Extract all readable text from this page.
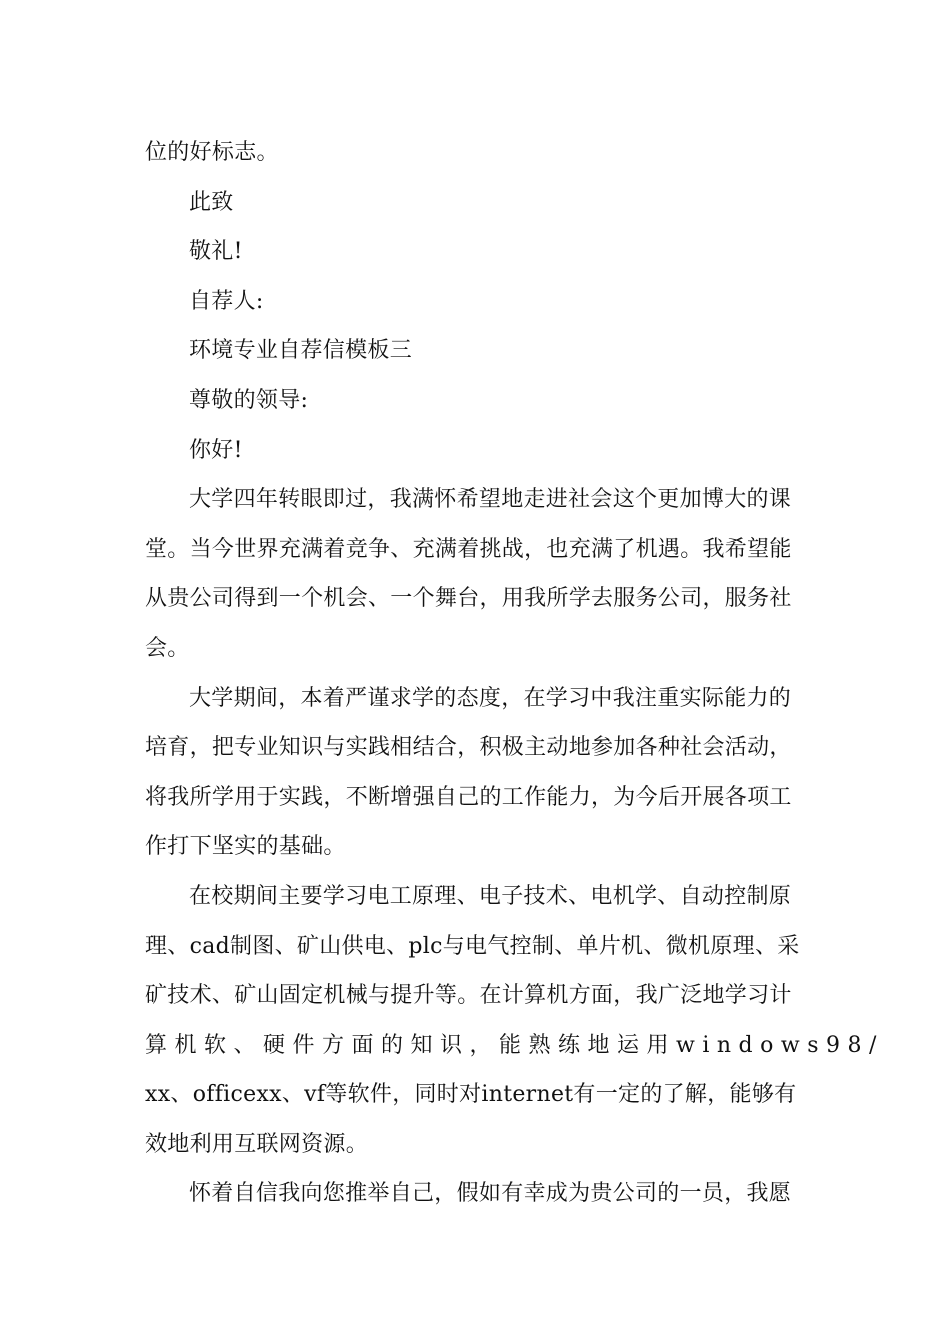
位的好标志。

此致

敬礼!

自荐人:

环境专业自荐信模板三

尊敬的领导:

你好!

大学四年转眼即过，我满怀希望地走进社会这个更加博大的课
堂。当今世界充满着竞争、充满着挑战，也充满了机遇。我希望能
从贵公司得到一个机会、一个舞台，用我所学去服务公司，服务社
会。

大学期间，本着严谨求学的态度，在学习中我注重实际能力的
培育，把专业知识与实践相结合，积极主动地参加各种社会活动，
将我所学用于实践，不断增强自己的工作能力，为今后开展各项工
作打下坚实的基础。

在校期间主要学习电工原理、电子技术、电机学、自动控制原
理、cad制图、矿山供电、plc与电气控制、单片机、微机原理、采
矿技术、矿山固定机械与提升等。在计算机方面，我广泛地学习计
算机软、硬件方面的知识，能熟练地运用windows98/
xx、officexx、vf等软件，同时对internet有一定的了解，能够有
效地利用互联网资源。

怀着自信我向您推举自己，假如有幸成为贵公司的一员，我愿
